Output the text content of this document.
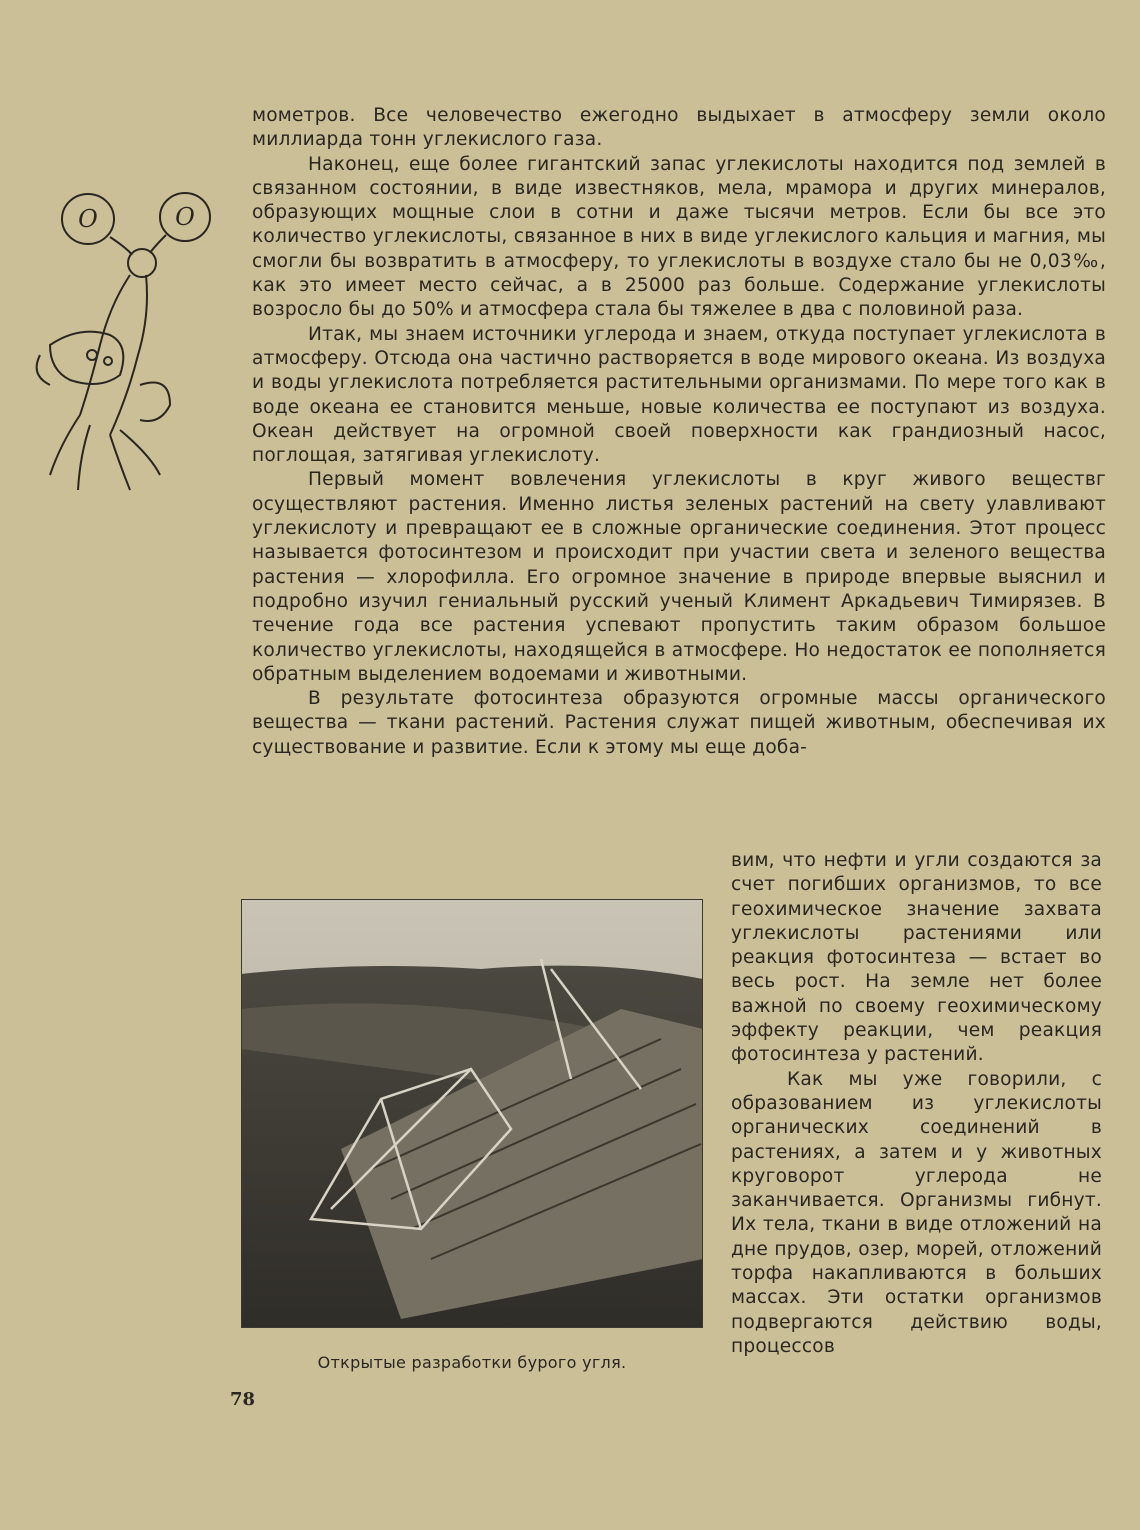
O	O

мометров. Все человечество ежегодно выдыхает в атмосферу земли около миллиарда тонн углекислого газа.

Наконец, еще более гигантский запас углекислоты находится под землей в связанном состоянии, в виде известняков, мела, мрамора и других минералов, образующих мощные слои в сотни и даже тысячи метров. Если бы все это количество углекислоты, связанное в них в виде углекислого кальция и магния, мы смогли бы возвратить в атмосферу, то углекислоты в воздухе стало бы не 0,03‰, как это имеет место сейчас, а в 25000 раз больше. Содержание углекислоты возросло бы до 50% и атмосфера стала бы тяжелее в два с половиной раза.

Итак, мы знаем источники углерода и знаем, откуда поступает углекислота в атмосферу. Отсюда она частично растворяется в воде мирового океана. Из воздуха и воды углекислота потребляется растительными организмами. По мере того как в воде океана ее становится меньше, новые количества ее поступают из воздуха. Океан действует на огромной своей поверхности как грандиозный насос, поглощая, затягивая углекислоту.

Первый момент вовлечения углекислоты в круг живого веществг осуществляют растения. Именно листья зеленых растений на свету улавливают углекислоту и превращают ее в сложные органические соединения. Этот процесс называется фотосинтезом и происходит при участии света и зеленого вещества растения — хлорофилла. Его огромное значение в природе впервые выяснил и подробно изучил гениальный русский ученый Климент Аркадьевич Тимирязев. В течение года все растения успевают пропустить таким образом большое количество углекислоты, находящейся в атмосфере. Но недостаток ее пополняется обратным выделением водоемами и животными.

В результате фотосинтеза образуются огромные массы органического вещества — ткани растений. Растения служат пищей животным, обеспечивая их существование и развитие. Если к этому мы еще доба-

вим, что нефти и угли создаются за счет погибших организмов, то все геохимическое значение захвата углекислоты растениями или реакция фотосинтеза — встает во весь рост. На земле нет более важной по своему геохимическому эффекту реакции, чем реакция фотосинтеза у растений.

Как мы уже говорили, с образованием из углекислоты органических соединений в растениях, а затем и у животных круговорот углерода не заканчивается. Организмы гибнут. Их тела, ткани в виде отложений на дне прудов, озер, морей, отложений торфа накапливаются в больших массах. Эти остатки организмов подвергаются действию воды, процессов

Открытые разработки бурого угля.
78
